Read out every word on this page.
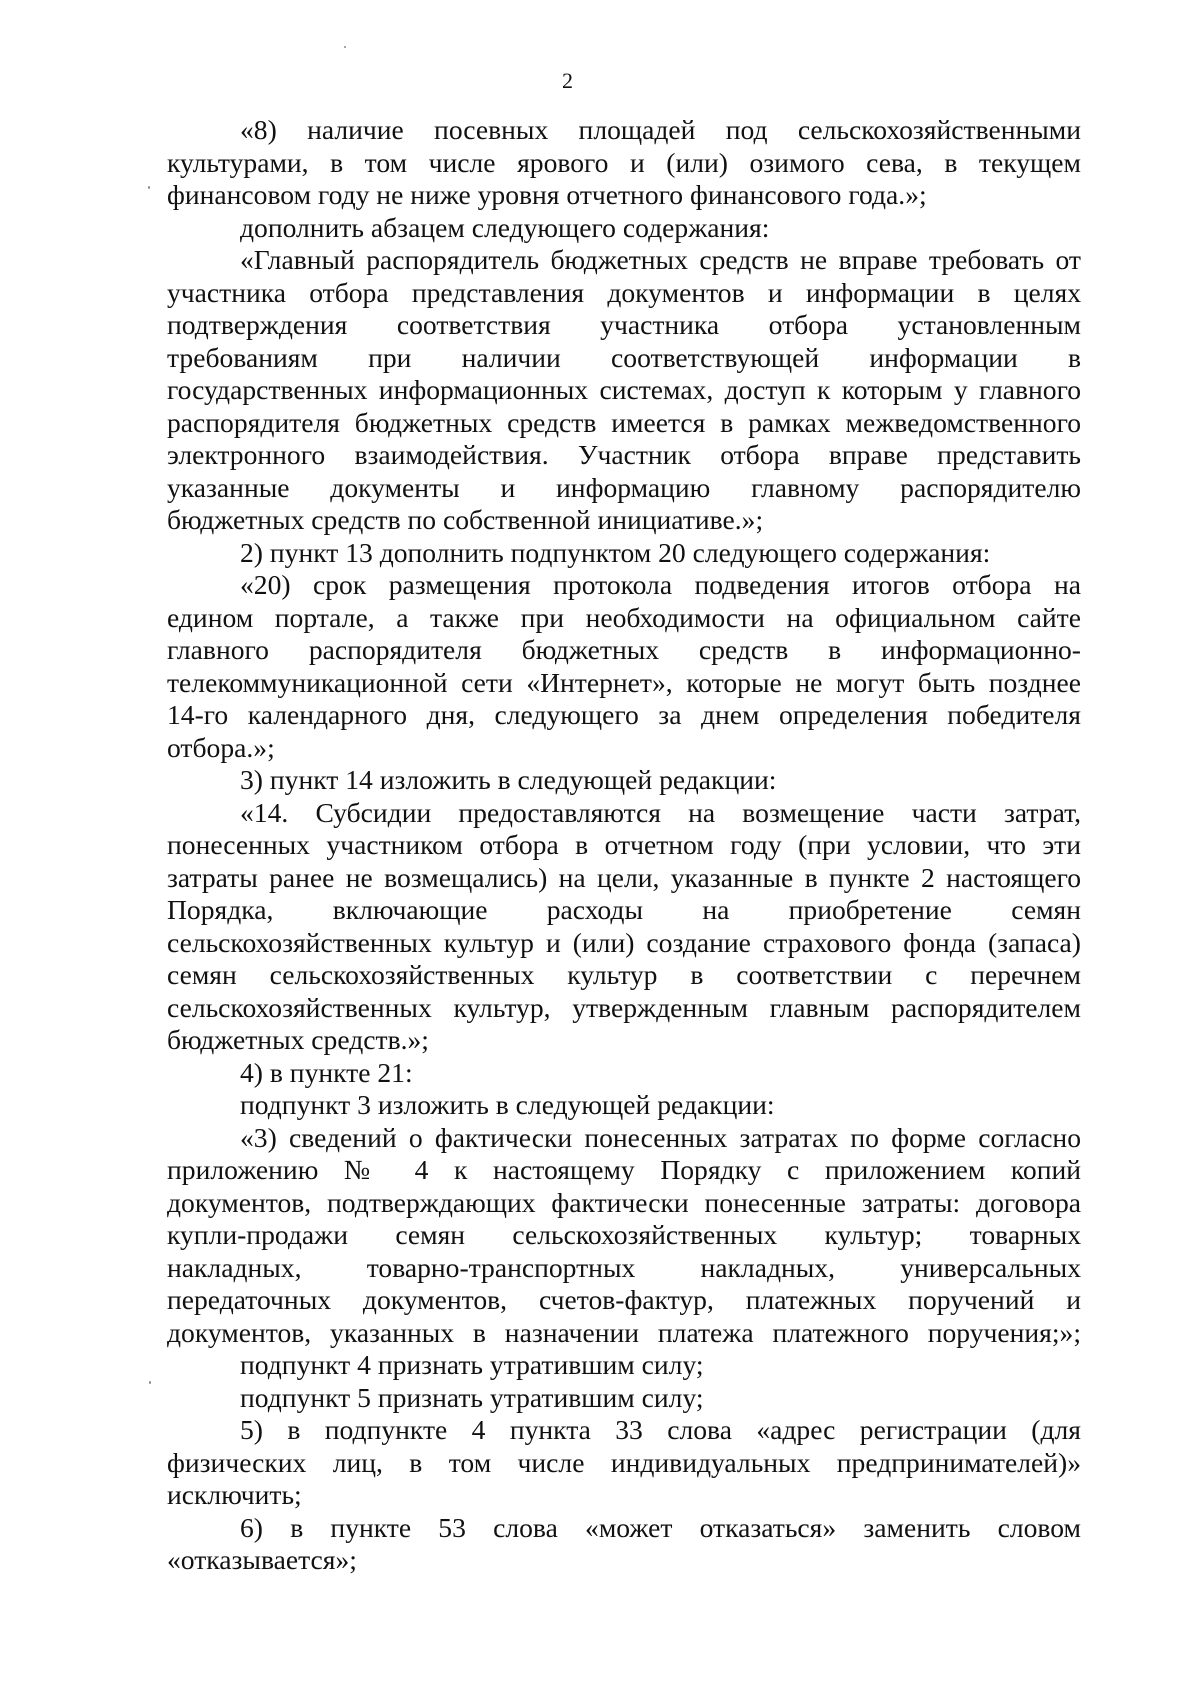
2
«8) наличие посевных площадей под сельскохозяйственными
культурами, в том числе ярового и (или) озимого сева, в текущем
финансовом году не ниже уровня отчетного финансового года.»;
дополнить абзацем следующего содержания:
«Главный распорядитель бюджетных средств не вправе требовать от
участника отбора представления документов и информации в целях
подтверждения соответствия участника отбора установленным
требованиям при наличии соответствующей информации в
государственных информационных системах, доступ к которым у главного
распорядителя бюджетных средств имеется в рамках межведомственного
электронного взаимодействия. Участник отбора вправе представить
указанные документы и информацию главному распорядителю
бюджетных средств по собственной инициативе.»;
2) пункт 13 дополнить подпунктом 20 следующего содержания:
«20) срок размещения протокола подведения итогов отбора на
едином портале, а также при необходимости на официальном сайте
главного распорядителя бюджетных средств в информационно-
телекоммуникационной сети «Интернет», которые не могут быть позднее
14-го календарного дня, следующего за днем определения победителя
отбора.»;
3) пункт 14 изложить в следующей редакции:
«14. Субсидии предоставляются на возмещение части затрат,
понесенных участником отбора в отчетном году (при условии, что эти
затраты ранее не возмещались) на цели, указанные в пункте 2 настоящего
Порядка, включающие расходы на приобретение семян
сельскохозяйственных культур и (или) создание страхового фонда (запаса)
семян сельскохозяйственных культур в соответствии с перечнем
сельскохозяйственных культур, утвержденным главным распорядителем
бюджетных средств.»;
4) в пункте 21:
подпункт 3 изложить в следующей редакции:
«3) сведений о фактически понесенных затратах по форме согласно
приложению № 4 к настоящему Порядку с приложением копий
документов, подтверждающих фактически понесенные затраты: договора
купли-продажи семян сельскохозяйственных культур; товарных
накладных, товарно-транспортных накладных, универсальных
передаточных документов, счетов-фактур, платежных поручений и
документов, указанных в назначении платежа платежного поручения;»;
подпункт 4 признать утратившим силу;
подпункт 5 признать утратившим силу;
5) в подпункте 4 пункта 33 слова «адрес регистрации (для
физических лиц, в том числе индивидуальных предпринимателей)»
исключить;
6) в пункте 53 слова «может отказаться» заменить словом
«отказывается»;
